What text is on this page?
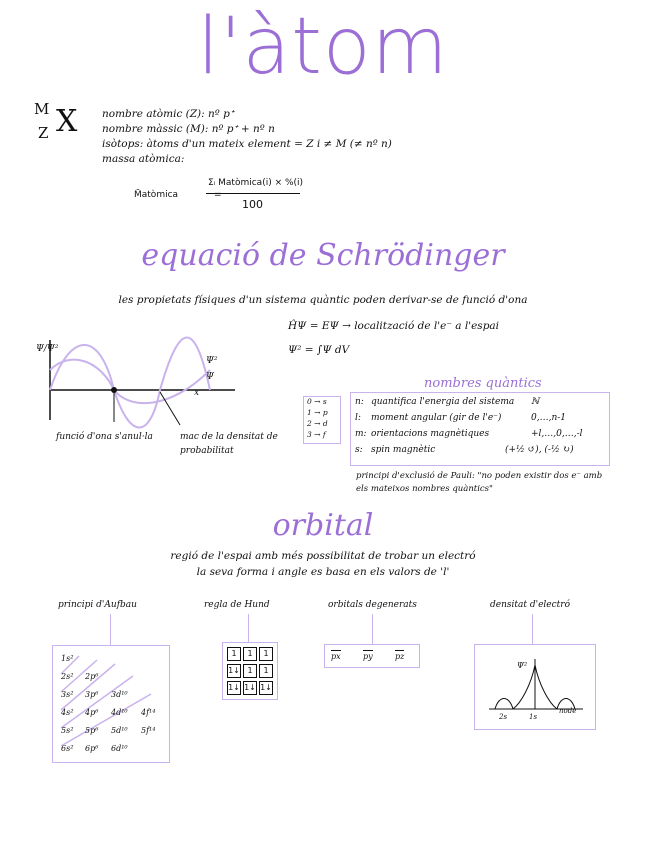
l'àtom
M
Z X nombre atòmic (Z): nº pᐩ
nombre màssic (M): nº pᐩ + nº n
isòtops: àtoms d'un mateix element = Z i ≠ M (≠ nº n)
massa atòmica:
M̄atòmica	=
Σᵢ Matòmica(i) × %(i)
100
equació de Schrödinger
les propietats físiques d'un sistema quàntic poden derivar-se de funció d'ona
Ψ/Ψ²
Ψ²
Ψ
x
funció d'ona s'anul·la	mac de la densitat de probabilitat
ĤΨ = EΨ → localització de l'e⁻ a l'espai
Ψ² = ∫Ψ dV
nombres quàntics
0 → s
1 → p
2 → d
3 → f
n: quantifica l'energia del sistema ℕ
l: moment angular (gir de l'e⁻)	0,…,n-1
m: orientacions magnètiques	+l,…,0,…,-l
s: spin magnètic	(+½ ↺), (-½ ↻)
principi d'exclusió de Pauli: "no poden existir dos e⁻ amb els mateixos nombres quàntics"
orbital
regió de l'espai amb més possibilitat de trobar un electró
la seva forma i angle es basa en els valors de 'l'
principi d'Aufbau	regla de Hund	orbitals degenerats	densitat d'electró
1s²
2s² 2p⁶
3s² 3p⁶ 3d¹⁰
4s² 4p⁶ 4d¹⁰ 4f¹⁴
5s² 5p⁶ 5d¹⁰ 5f¹⁴
6s² 6p⁶ 6d¹⁰
1	1	1
1↓ 1	1
1↓ 1↓ 1↓
px	py	pz
Ψ²
2s	1s
node
